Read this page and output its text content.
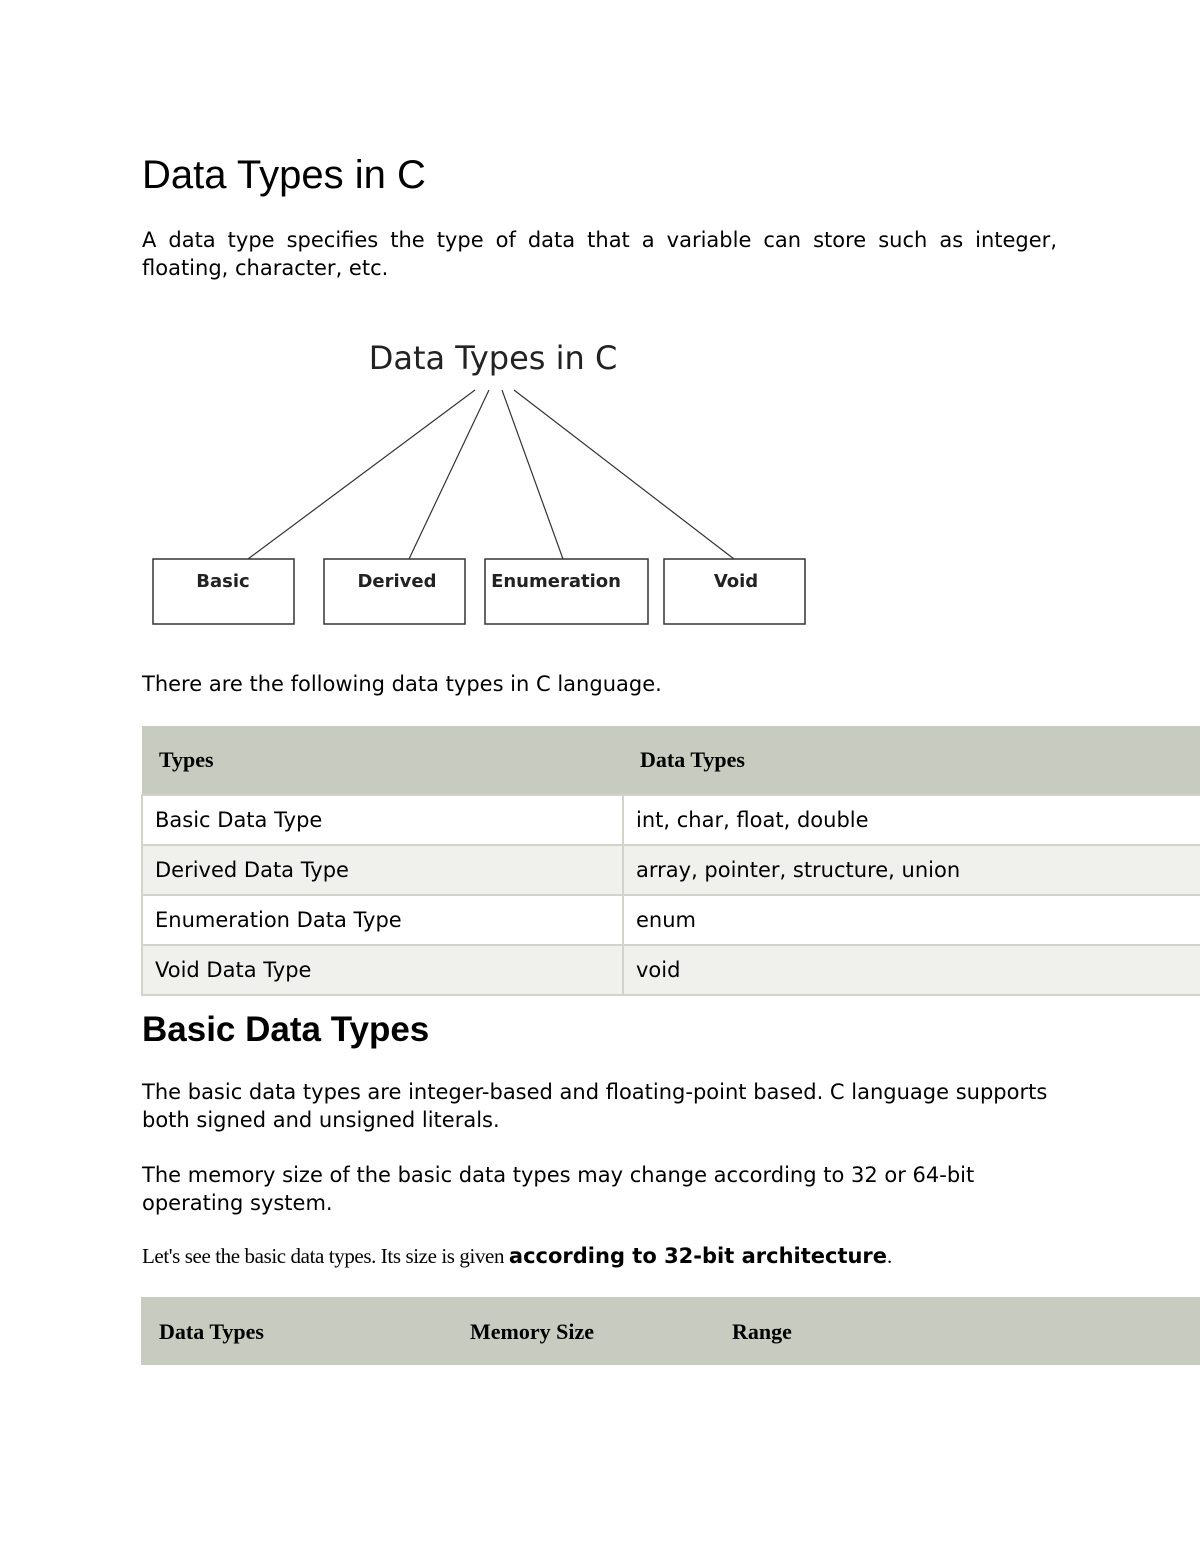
Data Types in C

A data type specifies the type of data that a variable can store such as integer, floating, character, etc.

Data Types in C
Basic	Derived	Enumeration	Void

There are the following data types in C language.

Types	Data Types
Basic Data Type	int, char, float, double
Derived Data Type	array, pointer, structure, union
Enumeration Data Type	enum
Void Data Type	void
Basic Data Types

The basic data types are integer-based and floating-point based. C language supports both signed and unsigned literals.

The memory size of the basic data types may change according to 32 or 64-bit operating system.

Let's see the basic data types. Its size is given according to 32-bit architecture.

Data Types	Memory Size	Range
